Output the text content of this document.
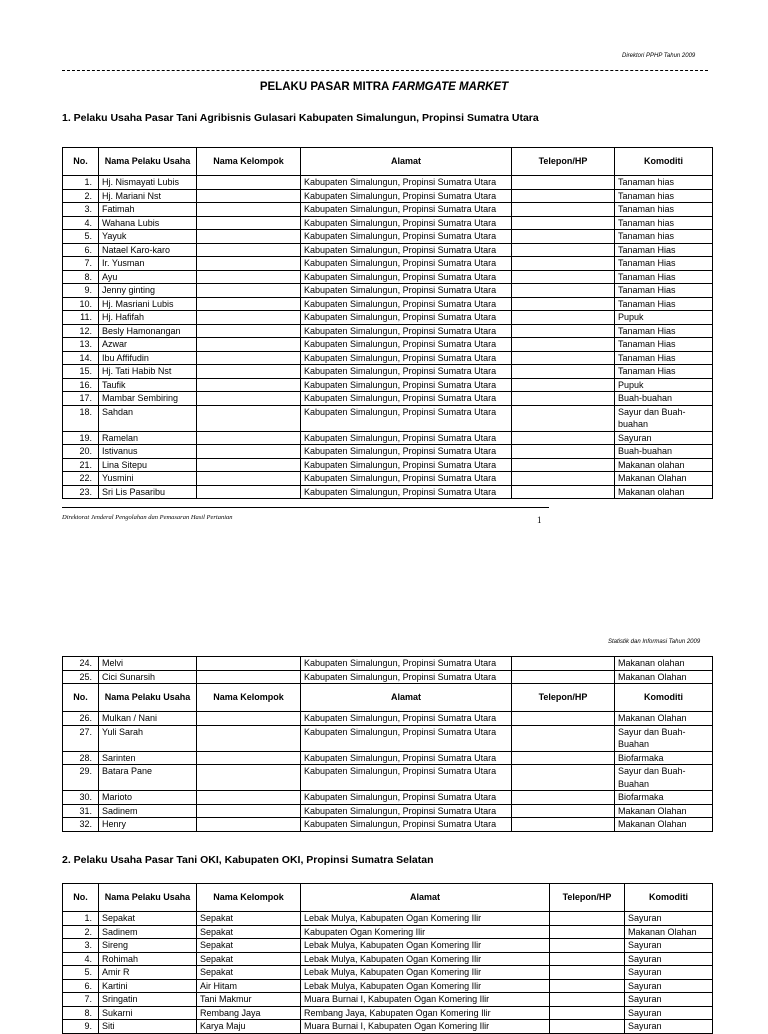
Direktori PPHP Tahun 2009
PELAKU PASAR MITRA FARMGATE MARKET
1. Pelaku Usaha Pasar Tani Agribisnis Gulasari Kabupaten Simalungun, Propinsi Sumatra Utara
No.	Nama Pelaku Usaha	Nama Kelompok	Alamat	Telepon/HP	Komoditi
1.	Hj. Nismayati Lubis		Kabupaten Simalungun, Propinsi Sumatra Utara		Tanaman hias
2.	Hj. Mariani Nst		Kabupaten Simalungun, Propinsi Sumatra Utara		Tanaman hias
3.	Fatimah		Kabupaten Simalungun, Propinsi Sumatra Utara		Tanaman hias
4.	Wahana Lubis		Kabupaten Simalungun, Propinsi Sumatra Utara		Tanaman hias
5.	Yayuk		Kabupaten Simalungun, Propinsi Sumatra Utara		Tanaman hias
6.	Natael Karo-karo		Kabupaten Simalungun, Propinsi Sumatra Utara		Tanaman Hias
7.	Ir. Yusman		Kabupaten Simalungun, Propinsi Sumatra Utara		Tanaman Hias
8.	Ayu		Kabupaten Simalungun, Propinsi Sumatra Utara		Tanaman Hias
9.	Jenny ginting		Kabupaten Simalungun, Propinsi Sumatra Utara		Tanaman Hias
10.	Hj. Masriani Lubis		Kabupaten Simalungun, Propinsi Sumatra Utara		Tanaman Hias
11.	Hj. Hafifah		Kabupaten Simalungun, Propinsi Sumatra Utara		Pupuk
12.	Besly Hamonangan		Kabupaten Simalungun, Propinsi Sumatra Utara		Tanaman Hias
13.	Azwar		Kabupaten Simalungun, Propinsi Sumatra Utara		Tanaman Hias
14.	Ibu Affifudin		Kabupaten Simalungun, Propinsi Sumatra Utara		Tanaman Hias
15.	Hj. Tati Habib Nst		Kabupaten Simalungun, Propinsi Sumatra Utara		Tanaman Hias
16.	Taufik		Kabupaten Simalungun, Propinsi Sumatra Utara		Pupuk
17.	Mambar Sembiring		Kabupaten Simalungun, Propinsi Sumatra Utara		Buah-buahan
18.	Sahdan		Kabupaten Simalungun, Propinsi Sumatra Utara		Sayur dan Buah-buahan
19.	Ramelan		Kabupaten Simalungun, Propinsi Sumatra Utara		Sayuran
20.	Istivanus		Kabupaten Simalungun, Propinsi Sumatra Utara		Buah-buahan
21.	Lina Sitepu		Kabupaten Simalungun, Propinsi Sumatra Utara		Makanan olahan
22.	Yusmini		Kabupaten Simalungun, Propinsi Sumatra Utara		Makanan Olahan
23.	Sri Lis Pasaribu		Kabupaten Simalungun, Propinsi Sumatra Utara		Makanan olahan
Direktorat Jenderal Pengolahan dan Pemasaran Hasil Pertanian	1
Statistik dan Informasi Tahun 2009
24.	Melvi		Kabupaten Simalungun, Propinsi Sumatra Utara		Makanan olahan
25.	Cici Sunarsih		Kabupaten Simalungun, Propinsi Sumatra Utara		Makanan Olahan
No.	Nama Pelaku Usaha	Nama Kelompok	Alamat	Telepon/HP	Komoditi
26.	Mulkan / Nani		Kabupaten Simalungun, Propinsi Sumatra Utara		Makanan Olahan
27.	Yuli Sarah		Kabupaten Simalungun, Propinsi Sumatra Utara		Sayur dan Buah-Buahan
28.	Sarinten		Kabupaten Simalungun, Propinsi Sumatra Utara		Biofarmaka
29.	Batara Pane		Kabupaten Simalungun, Propinsi Sumatra Utara		Sayur dan Buah-Buahan
30.	Marioto		Kabupaten Simalungun, Propinsi Sumatra Utara		Biofarmaka
31.	Sadinem		Kabupaten Simalungun, Propinsi Sumatra Utara		Makanan Olahan
32.	Henry		Kabupaten Simalungun, Propinsi Sumatra Utara		Makanan Olahan
2. Pelaku Usaha Pasar Tani OKI, Kabupaten OKI, Propinsi Sumatra Selatan
No.	Nama Pelaku Usaha	Nama Kelompok	Alamat	Telepon/HP	Komoditi
1.	Sepakat	Sepakat	Lebak Mulya, Kabupaten Ogan Komering Ilir		Sayuran
2.	Sadinem	Sepakat	Kabupaten Ogan Komering Ilir		Makanan Olahan
3.	Sireng	Sepakat	Lebak Mulya, Kabupaten Ogan Komering Ilir		Sayuran
4.	Rohimah	Sepakat	Lebak Mulya, Kabupaten Ogan Komering Ilir		Sayuran
5.	Amir R	Sepakat	Lebak Mulya, Kabupaten Ogan Komering Ilir		Sayuran
6.	Kartini	Air Hitam	Lebak Mulya, Kabupaten Ogan Komering Ilir		Sayuran
7.	Sringatin	Tani Makmur	Muara Burnai I, Kabupaten Ogan Komering Ilir		Sayuran
8.	Sukarni	Rembang Jaya	Rembang Jaya, Kabupaten Ogan Komering Ilir		Sayuran
9.	Siti	Karya Maju	Muara Burnai I, Kabupaten Ogan Komering Ilir		Sayuran
